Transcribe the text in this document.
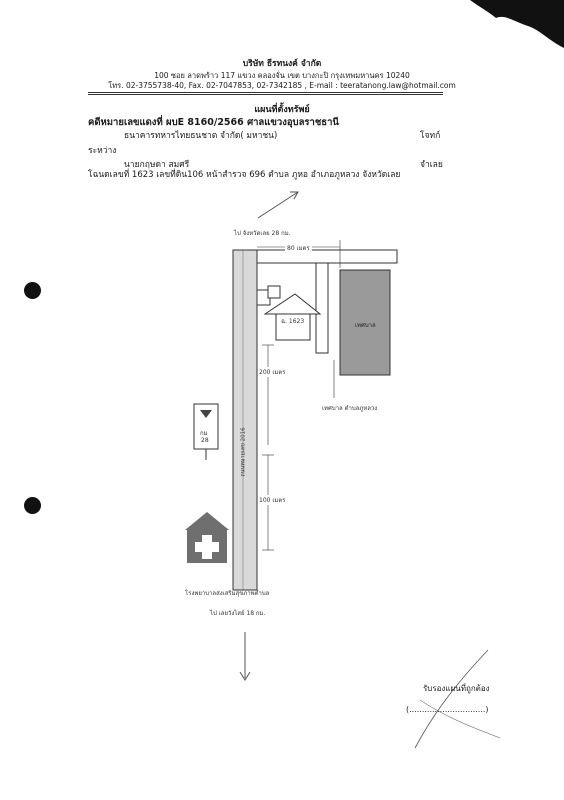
บริษัท ธีรทนงค์ จำกัด
100 ซอย ลาดพร้าว 117 แขวง คลองจั่น เขต บางกะปิ กรุงเทพมหานคร 10240
โทร. 02-3755738-40, Fax. 02-7047853, 02-7342185 , E-mail : teeratanong.law@hotmail.com
แผนที่ตั้งทรัพย์
คดีหมายเลขแดงที่ ผบE 8160/2566 ศาลแขวงอุบลราชธานี
ธนาคารทหารไทยธนชาต จำกัด( มหาชน)	โจทก์
ระหว่าง
นายกฤษดา สมศรี	จำเลย
โฉนดเลขที่ 1623 เลขที่ดิน106 หน้าสำรวจ 696 ตำบล ภูหอ อำเภอภูหลวง จังหวัดเลย
ไป จังหวัดเลย 28 กม.
80 เมตร
ฉ. 1623
เทศบาล
200 เมตร
เทศบาล ตำบลภูหลวง
กม
28	ถนนหมายเลข 2016
100 เมตร
โรงพยาบาลส่งเสริมสุขภาพตำบล
ไป เลยวังไสย์ 18 กม.
รับรองแผนที่ถูกต้อง
(..............................)
